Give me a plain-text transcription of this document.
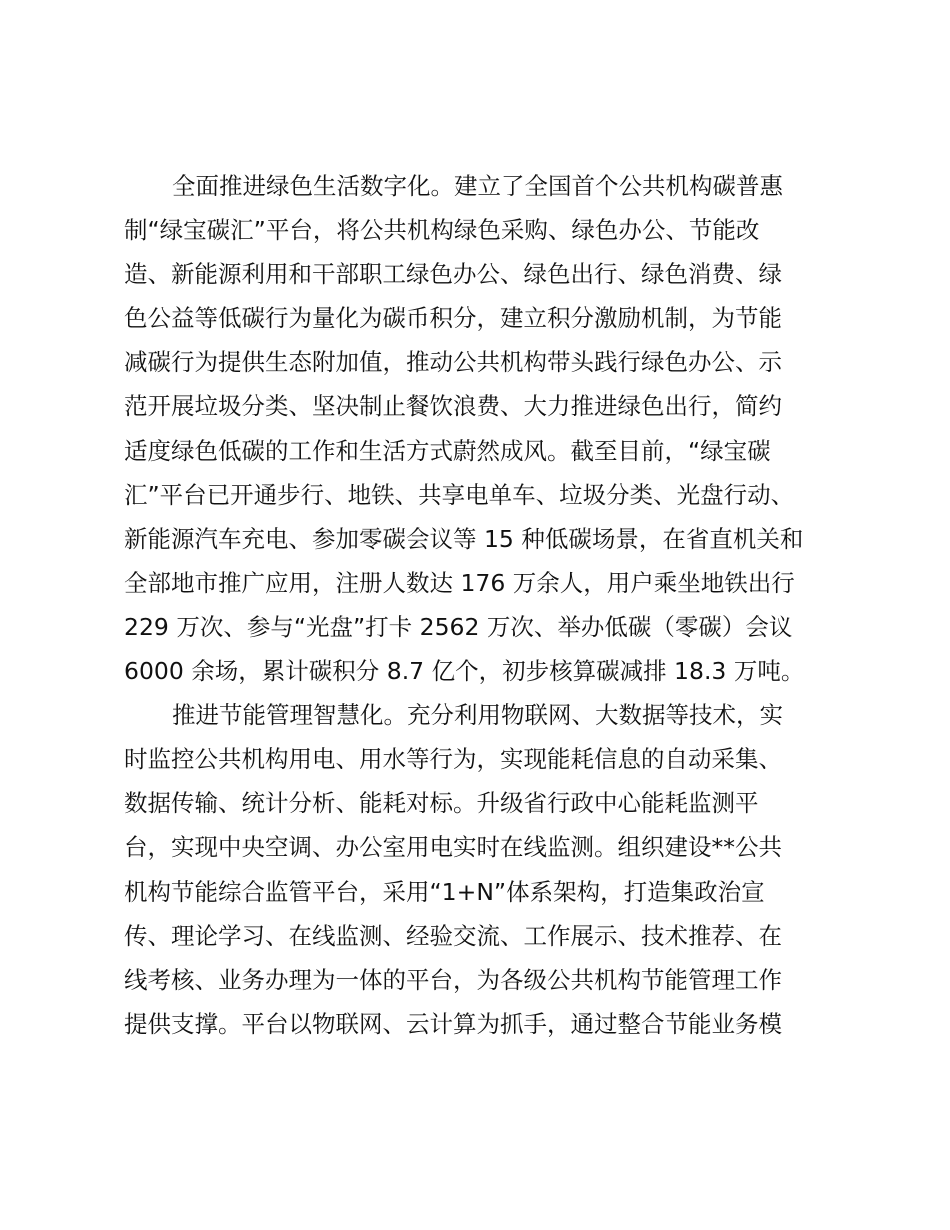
全面推进绿色生活数字化。建立了全国首个公共机构碳普惠
制“绿宝碳汇”平台，将公共机构绿色采购、绿色办公、节能改
造、新能源利用和干部职工绿色办公、绿色出行、绿色消费、绿
色公益等低碳行为量化为碳币积分，建立积分激励机制，为节能
减碳行为提供生态附加值，推动公共机构带头践行绿色办公、示
范开展垃圾分类、坚决制止餐饮浪费、大力推进绿色出行，简约
适度绿色低碳的工作和生活方式蔚然成风。截至目前，“绿宝碳
汇”平台已开通步行、地铁、共享电单车、垃圾分类、光盘行动、
新能源汽车充电、参加零碳会议等 15 种低碳场景，在省直机关和
全部地市推广应用，注册人数达 176 万余人，用户乘坐地铁出行
229 万次、参与“光盘”打卡 2562 万次、举办低碳（零碳）会议
6000 余场，累计碳积分 8.7 亿个，初步核算碳减排 18.3 万吨。
推进节能管理智慧化。充分利用物联网、大数据等技术，实
时监控公共机构用电、用水等行为，实现能耗信息的自动采集、
数据传输、统计分析、能耗对标。升级省行政中心能耗监测平
台，实现中央空调、办公室用电实时在线监测。组织建设**公共
机构节能综合监管平台，采用“1+N”体系架构，打造集政治宣
传、理论学习、在线监测、经验交流、工作展示、技术推荐、在
线考核、业务办理为一体的平台，为各级公共机构节能管理工作
提供支撑。平台以物联网、云计算为抓手，通过整合节能业务模
